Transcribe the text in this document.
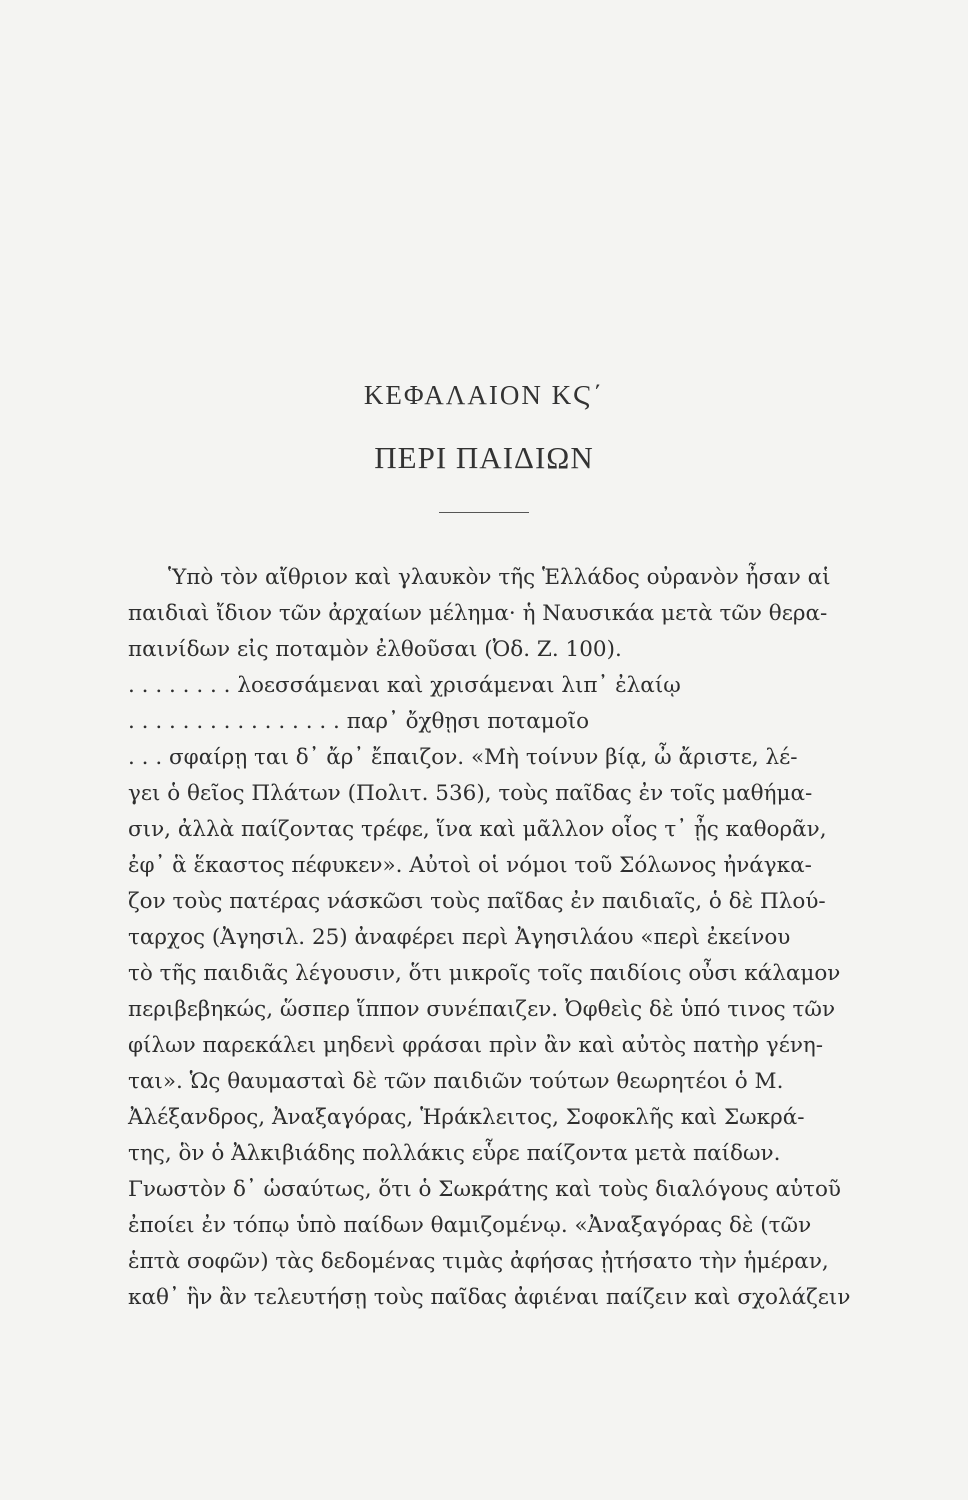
ΚΕΦΑΛΑΙΟΝ ΚϚ΄
ΠΕΡΙ ΠΑΙΔΙΩΝ
Ὑπὸ τὸν αἴθριον καὶ γλαυκὸν τῆς Ἑλλάδος οὐρανὸν ἦσαν αἱ
παιδιαὶ ἴδιον τῶν ἀρχαίων μέλημα· ἡ Ναυσικάα μετὰ τῶν θερα-
παινίδων εἰς ποταμὸν ἐλθοῦσαι (Ὀδ. Ζ. 100).
. . . . . . . . λοεσσάμεναι καὶ χρισάμεναι λιπ᾽ ἐλαίῳ
. . . . . . . . . . . . . . . . παρ᾽ ὄχθῃσι ποταμοῖο
. . . σφαίρῃ ται δ᾽ ἄρ᾽ ἔπαιζον. «Μὴ τοίνυν βίᾳ, ὦ ἄριστε, λέ-
γει ὁ θεῖος Πλάτων (Πολιτ. 536), τοὺς παῖδας ἐν τοῖς μαθήμα-
σιν, ἀλλὰ παίζοντας τρέφε, ἵνα καὶ μᾶλλον οἷος τ᾽ ᾖς καθορᾶν,
ἐφ᾽ ἃ ἕκαστος πέφυκεν». Αὐτοὶ οἱ νόμοι τοῦ Σόλωνος ἠνάγκα-
ζον τοὺς πατέρας νάσκῶσι τοὺς παῖδας ἐν παιδιαῖς, ὁ δὲ Πλού-
ταρχος (Ἀγησιλ. 25) ἀναφέρει περὶ Ἀγησιλάου «περὶ ἐκείνου
τὸ τῆς παιδιᾶς λέγουσιν, ὅτι μικροῖς τοῖς παιδίοις οὖσι κάλαμον
περιβεβηκώς, ὥσπερ ἵππον συνέπαιζεν. Ὀφθεὶς δὲ ὑπό τινος τῶν
φίλων παρεκάλει μηδενὶ φράσαι πρὶν ἂν καὶ αὐτὸς πατὴρ γένη-
ται». Ὡς θαυμασταὶ δὲ τῶν παιδιῶν τούτων θεωρητέοι ὁ Μ.
Ἀλέξανδρος, Ἀναξαγόρας, Ἡράκλειτος, Σοφοκλῆς καὶ Σωκρά-
της, ὃν ὁ Ἀλκιβιάδης πολλάκις εὗρε παίζοντα μετὰ παίδων.
Γνωστὸν δ᾽ ὡσαύτως, ὅτι ὁ Σωκράτης καὶ τοὺς διαλόγους αὑτοῦ
ἐποίει ἐν τόπῳ ὑπὸ παίδων θαμιζομένῳ. «Ἀναξαγόρας δὲ (τῶν
ἑπτὰ σοφῶν) τὰς δεδομένας τιμὰς ἀφήσας ᾐτήσατο τὴν ἡμέραν,
καθ᾽ ἣν ἂν τελευτήσῃ τοὺς παῖδας ἀφιέναι παίζειν καὶ σχολάζειν
